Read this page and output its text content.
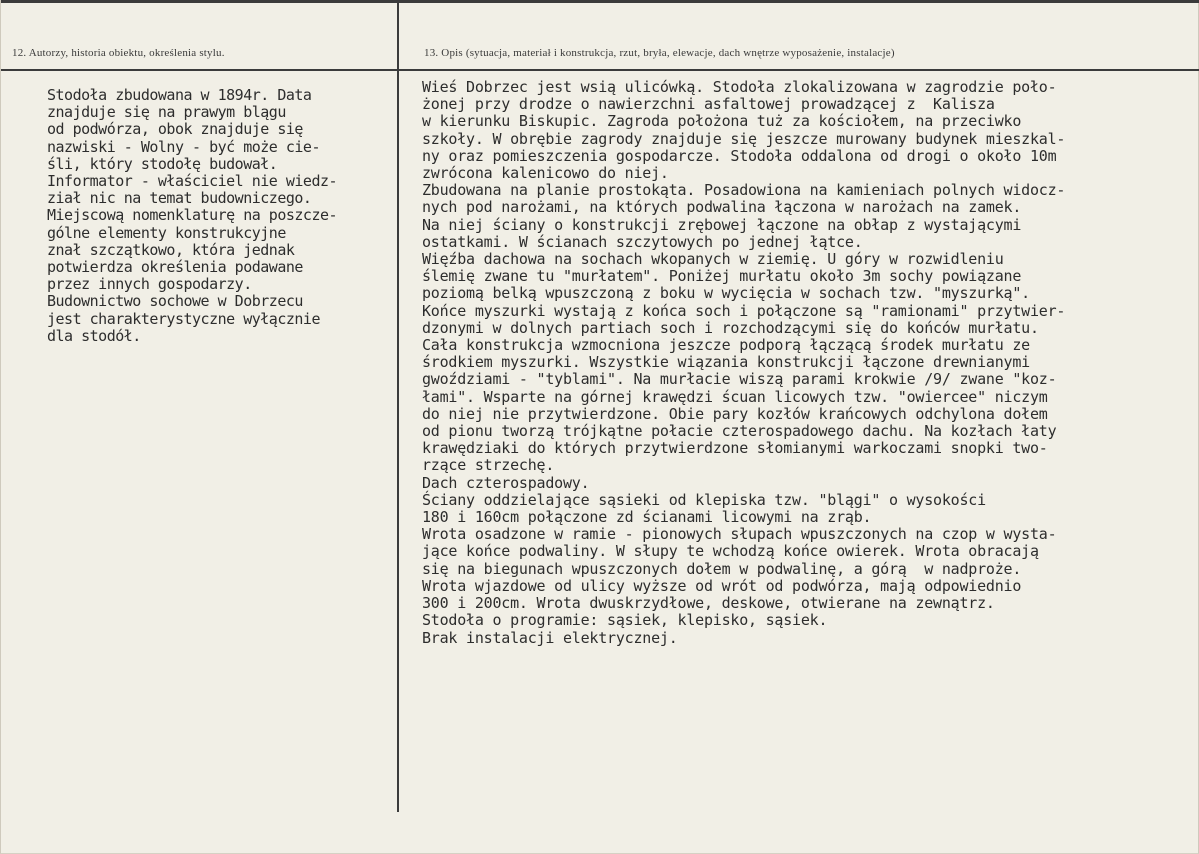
12. Autorzy, historia obiektu, określenia stylu.	13. Opis (sytuacja, materiał i konstrukcja, rzut, bryła, elewacje, dach wnętrze wyposażenie, instalacje)
Stodoła zbudowana w 1894r. Data
znajduje się na prawym blągu
od podwórza, obok znajduje się
nazwiski - Wolny - być może cie-
śli, który stodołę budował.
Informator - właściciel nie wiedz-
ział nic na temat budowniczego.
Miejscową nomenklaturę na poszcze-
gólne elementy konstrukcyjne
znał szczątkowo, która jednak
potwierdza określenia podawane
przez innych gospodarzy.
Budownictwo sochowe w Dobrzecu
jest charakterystyczne wyłącznie
dla stodół.
Wieś Dobrzec jest wsią ulicówką. Stodoła zlokalizowana w zagrodzie poło-
żonej przy drodze o nawierzchni asfaltowej prowadzącej z  Kalisza
w kierunku Biskupic. Zagroda położona tuż za kościołem, na przeciwko
szkoły. W obrębie zagrody znajduje się jeszcze murowany budynek mieszkal-
ny oraz pomieszczenia gospodarcze. Stodoła oddalona od drogi o około 10m
zwrócona kalenicowo do niej.
Zbudowana na planie prostokąta. Posadowiona na kamieniach polnych widocz-
nych pod narożami, na których podwalina łączona w narożach na zamek.
Na niej ściany o konstrukcji zrębowej łączone na obłap z wystającymi
ostatkami. W ścianach szczytowych po jednej łątce.
Więźba dachowa na sochach wkopanych w ziemię. U góry w rozwidleniu
ślemię zwane tu "murłatem". Poniżej murłatu około 3m sochy powiązane
poziomą belką wpuszczoną z boku w wycięcia w sochach tzw. "myszurką".
Końce myszurki wystają z końca soch i połączone są "ramionami" przytwier-
dzonymi w dolnych partiach soch i rozchodzącymi się do końców murłatu.
Cała konstrukcja wzmocniona jeszcze podporą łączącą środek murłatu ze
środkiem myszurki. Wszystkie wiązania konstrukcji łączone drewnianymi
gwoździami - "tyblami". Na murłacie wiszą parami krokwie /9/ zwane "koz-
łami". Wsparte na górnej krawędzi ścuan licowych tzw. "owiercee" niczym
do niej nie przytwierdzone. Obie pary kozłów krańcowych odchylona dołem
od pionu tworzą trójkątne połacie czterospadowego dachu. Na kozłach łaty
krawędziaki do których przytwierdzone słomianymi warkoczami snopki two-
rzące strzechę.
Dach czterospadowy.
Ściany oddzielające sąsieki od klepiska tzw. "blągi" o wysokości
180 i 160cm połączone zd ścianami licowymi na zrąb.
Wrota osadzone w ramie - pionowych słupach wpuszczonych na czop w wysta-
jące końce podwaliny. W słupy te wchodzą końce owierek. Wrota obracają
się na biegunach wpuszczonych dołem w podwalinę, a górą  w nadproże.
Wrota wjazdowe od ulicy wyższe od wrót od podwórza, mają odpowiednio
300 i 200cm. Wrota dwuskrzydłowe, deskowe, otwierane na zewnątrz.
Stodoła o programie: sąsiek, klepisko, sąsiek.
Brak instalacji elektrycznej.
